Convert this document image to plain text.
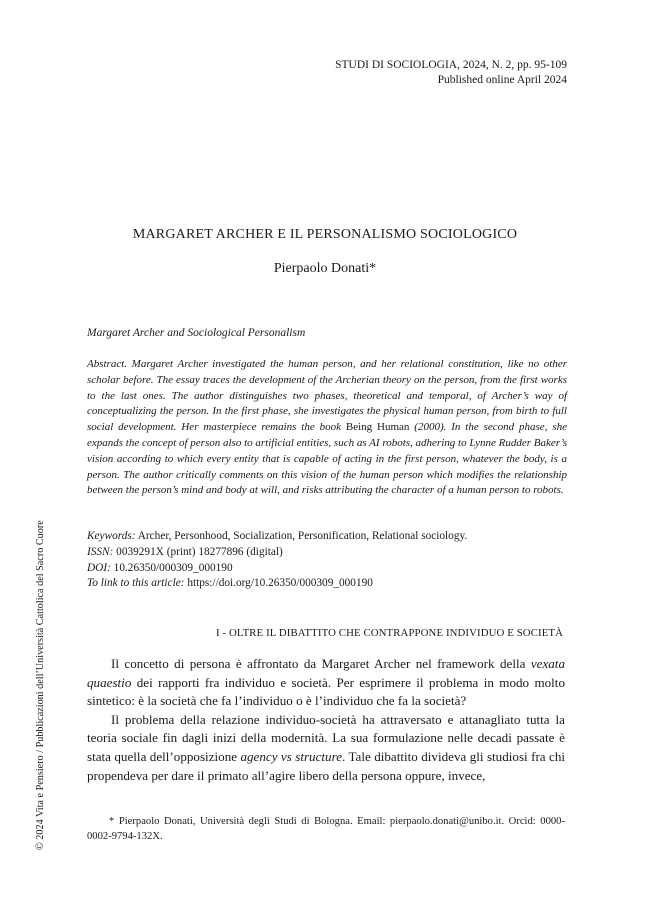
STUDI DI SOCIOLOGIA, 2024, N. 2, pp. 95-109
Published online April 2024
MARGARET ARCHER E IL PERSONALISMO SOCIOLOGICO
Pierpaolo Donati*
Margaret Archer and Sociological Personalism
Abstract. Margaret Archer investigated the human person, and her relational constitution, like no other scholar before. The essay traces the development of the Archerian theory on the person, from the first works to the last ones. The author distinguishes two phases, theoretical and temporal, of Archer’s way of conceptualizing the person. In the first phase, she investigates the physical human person, from birth to full social development. Her masterpiece remains the book Being Human (2000). In the second phase, she expands the concept of person also to artificial entities, such as AI robots, adhering to Lynne Rudder Baker’s vision according to which every entity that is capable of acting in the first person, whatever the body, is a person. The author critically comments on this vision of the human person which modifies the relationship between the person’s mind and body at will, and risks attributing the character of a human person to robots.
Keywords: Archer, Personhood, Socialization, Personification, Relational sociology.
ISSN: 0039291X (print) 18277896 (digital)
DOI: 10.26350/000309_000190
To link to this article: https://doi.org/10.26350/000309_000190
I - OLTRE IL DIBATTITO CHE CONTRAPPONE INDIVIDUO E SOCIETÀ

Il concetto di persona è affrontato da Margaret Archer nel framework della vexata quaestio dei rapporti fra individuo e società. Per esprimere il problema in modo molto sintetico: è la società che fa l’individuo o è l’individuo che fa la società?

Il problema della relazione individuo-società ha attraversato e attanagliato tutta la teoria sociale fin dagli inizi della modernità. La sua formulazione nelle decadi passate è stata quella dell’opposizione agency vs structure. Tale dibattito divideva gli studiosi fra chi propendeva per dare il primato all’agire libero della persona oppure, invece,

* Pierpaolo Donati, Università degli Studi di Bologna. Email: pierpaolo.donati@unibo.it. Orcid: 0000-0002-9794-132X.
© 2024 Vita e Pensiero / Pubblicazioni dell’Università Cattolica del Sacro Cuore
